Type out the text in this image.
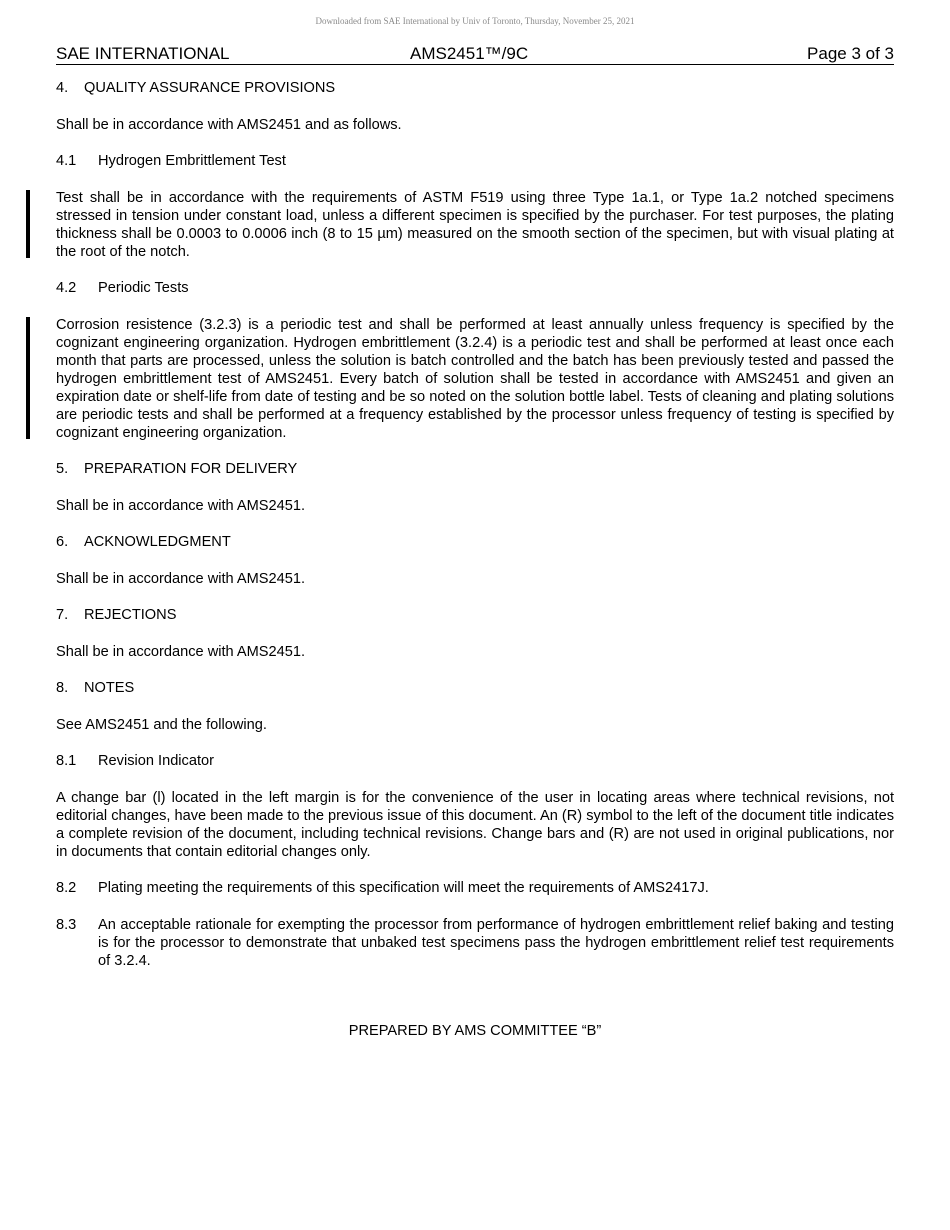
Downloaded from SAE International by Univ of Toronto, Thursday, November 25, 2021
SAE INTERNATIONAL	AMS2451™/9C	Page 3 of 3
4.	QUALITY ASSURANCE PROVISIONS

Shall be in accordance with AMS2451 and as follows.

4.1	Hydrogen Embrittlement Test

Test shall be in accordance with the requirements of ASTM F519 using three Type 1a.1, or Type 1a.2 notched specimens stressed in tension under constant load, unless a different specimen is specified by the purchaser. For test purposes, the plating thickness shall be 0.0003 to 0.0006 inch (8 to 15 µm) measured on the smooth section of the specimen, but with visual plating at the root of the notch.

4.2	Periodic Tests

Corrosion resistence (3.2.3) is a periodic test and shall be performed at least annually unless frequency is specified by the cognizant engineering organization. Hydrogen embrittlement (3.2.4) is a periodic test and shall be performed at least once each month that parts are processed, unless the solution is batch controlled and the batch has been previously tested and passed the hydrogen embrittlement test of AMS2451. Every batch of solution shall be tested in accordance with AMS2451 and given an expiration date or shelf-life from date of testing and be so noted on the solution bottle label. Tests of cleaning and plating solutions are periodic tests and shall be performed at a frequency established by the processor unless frequency of testing is specified by cognizant engineering organization.

5.	PREPARATION FOR DELIVERY

Shall be in accordance with AMS2451.

6.	ACKNOWLEDGMENT

Shall be in accordance with AMS2451.

7.	REJECTIONS

Shall be in accordance with AMS2451.

8.	NOTES

See AMS2451 and the following.

8.1	Revision Indicator

A change bar (l) located in the left margin is for the convenience of the user in locating areas where technical revisions, not editorial changes, have been made to the previous issue of this document. An (R) symbol to the left of the document title indicates a complete revision of the document, including technical revisions. Change bars and (R) are not used in original publications, nor in documents that contain editorial changes only.

8.2	Plating meeting the requirements of this specification will meet the requirements of AMS2417J.
8.3	An acceptable rationale for exempting the processor from performance of hydrogen embrittlement relief baking and testing is for the processor to demonstrate that unbaked test specimens pass the hydrogen embrittlement relief test requirements of 3.2.4.
PREPARED BY AMS COMMITTEE “B”
